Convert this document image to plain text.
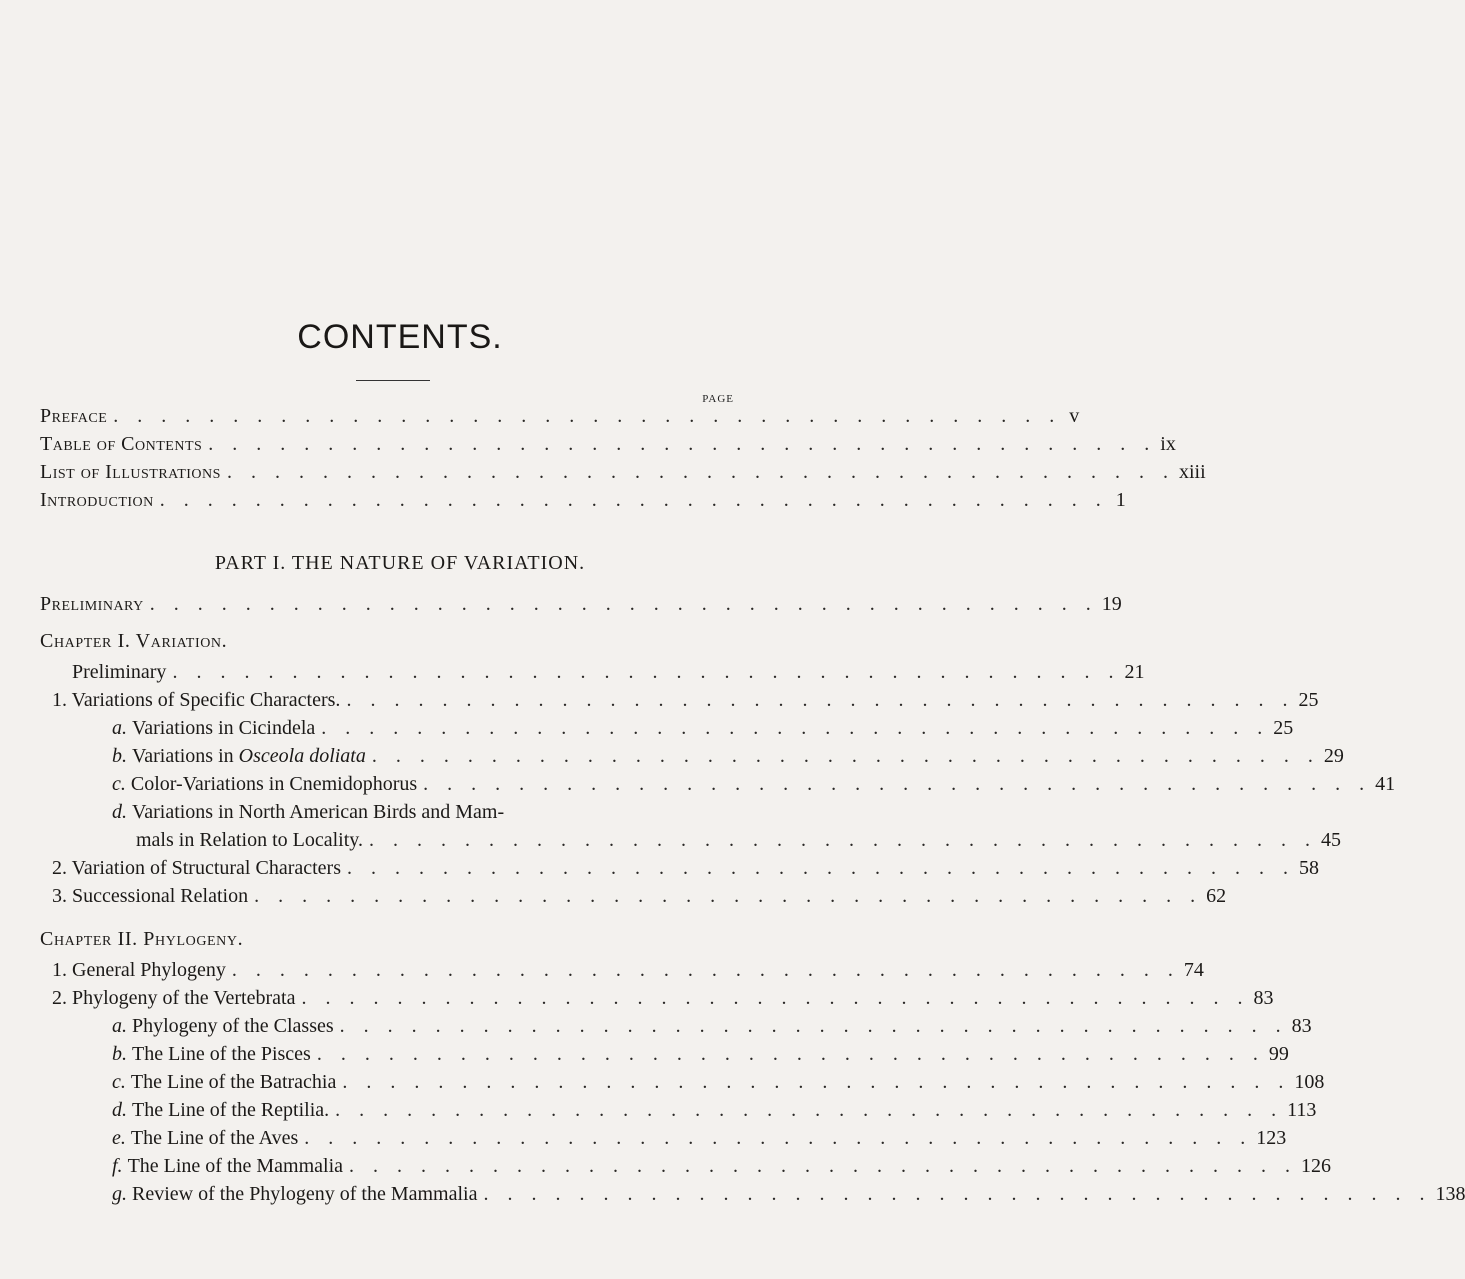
CONTENTS.
PAGE
Preface . . . . . . . . . . . . . . . . . . . . . . . . . . . . . . . . . . . . . . . . v
Table of Contents . . . . . . . . . . . . . . . . . . . . . . . . . . . . . . . . . . . . . . . . ix
List of Illustrations . . . . . . . . . . . . . . . . . . . . . . . . . . . . . . . . . . . . . . . . xiii
Introduction . . . . . . . . . . . . . . . . . . . . . . . . . . . . . . . . . . . . . . . . 1
PART I. THE NATURE OF VARIATION.
Preliminary . . . . . . . . . . . . . . . . . . . . . . . . . . . . . . . . . . . . . . . . 19
Chapter I. Variation.
Preliminary . . . . . . . . . . . . . . . . . . . . . . . . . . . . . . . . . . . . . . . . 21
1. Variations of Specific Characters. . . . . . . . . . . . . . . . . . . . . . . . . . . . . . . . . . . . . . . . . 25
a. Variations in Cicindela . . . . . . . . . . . . . . . . . . . . . . . . . . . . . . . . . . . . . . . . 25
b. Variations in Osceola doliata . . . . . . . . . . . . . . . . . . . . . . . . . . . . . . . . . . . . . . . . 29
c. Color-Variations in Cnemidophorus . . . . . . . . . . . . . . . . . . . . . . . . . . . . . . . . . . . . . . . . 41
d. Variations in North American Birds and Mam-
mals in Relation to Locality. . . . . . . . . . . . . . . . . . . . . . . . . . . . . . . . . . . . . . . . . 45
2. Variation of Structural Characters . . . . . . . . . . . . . . . . . . . . . . . . . . . . . . . . . . . . . . . . 58
3. Successional Relation . . . . . . . . . . . . . . . . . . . . . . . . . . . . . . . . . . . . . . . . 62
Chapter II. Phylogeny.
1. General Phylogeny . . . . . . . . . . . . . . . . . . . . . . . . . . . . . . . . . . . . . . . . 74
2. Phylogeny of the Vertebrata . . . . . . . . . . . . . . . . . . . . . . . . . . . . . . . . . . . . . . . . 83
a. Phylogeny of the Classes . . . . . . . . . . . . . . . . . . . . . . . . . . . . . . . . . . . . . . . . 83
b. The Line of the Pisces . . . . . . . . . . . . . . . . . . . . . . . . . . . . . . . . . . . . . . . . 99
c. The Line of the Batrachia . . . . . . . . . . . . . . . . . . . . . . . . . . . . . . . . . . . . . . . . 108
d. The Line of the Reptilia. . . . . . . . . . . . . . . . . . . . . . . . . . . . . . . . . . . . . . . . . 113
e. The Line of the Aves . . . . . . . . . . . . . . . . . . . . . . . . . . . . . . . . . . . . . . . . 123
f. The Line of the Mammalia . . . . . . . . . . . . . . . . . . . . . . . . . . . . . . . . . . . . . . . . 126
g. Review of the Phylogeny of the Mammalia . . . . . . . . . . . . . . . . . . . . . . . . . . . . . . . . . . . . . . . . 138
